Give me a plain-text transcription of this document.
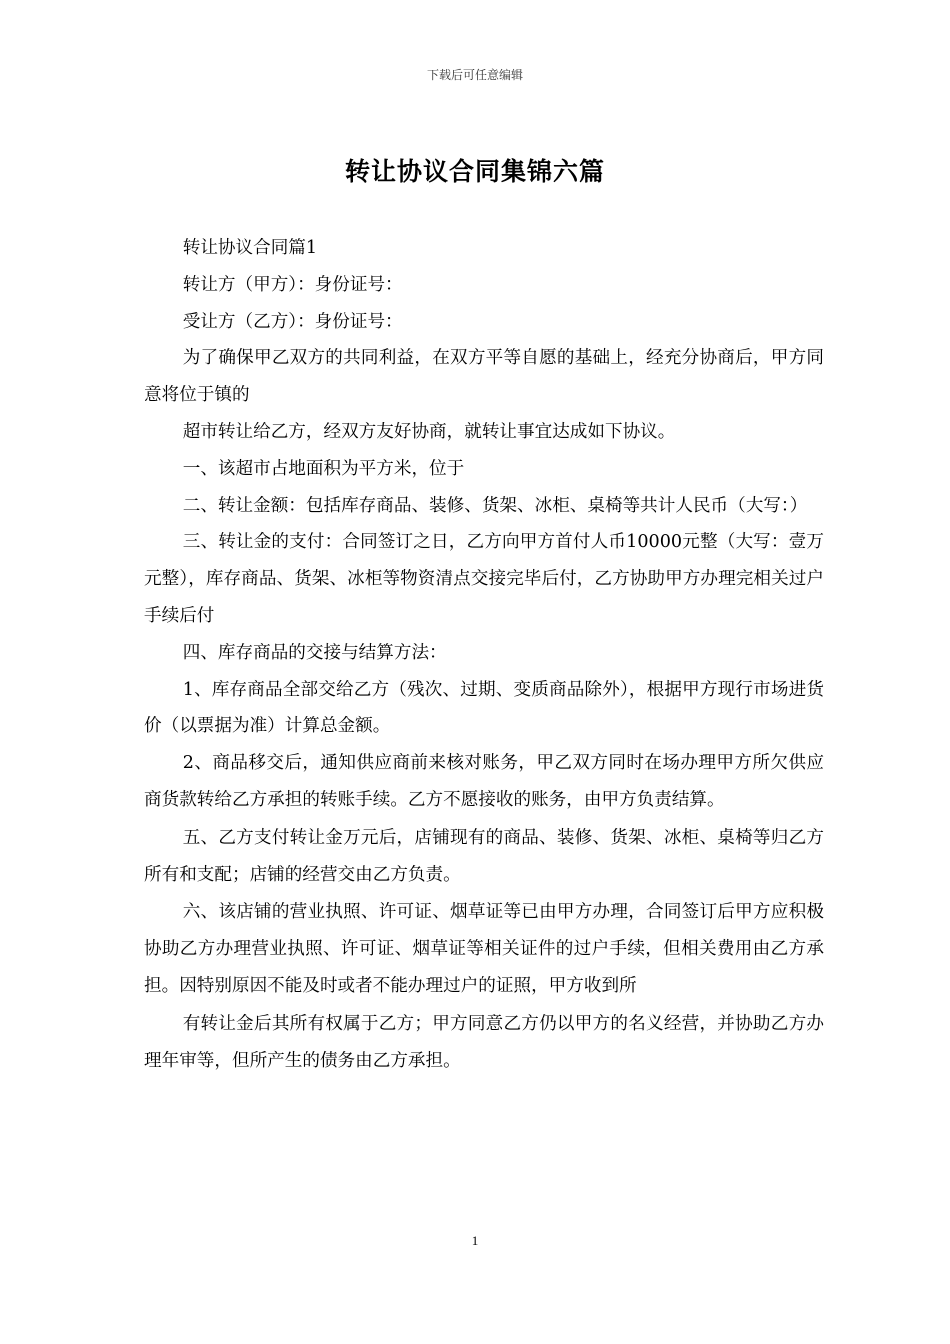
下载后可任意编辑
转让协议合同集锦六篇

转让协议合同篇1

转让方（甲方）：身份证号：

受让方（乙方）：身份证号：

为了确保甲乙双方的共同利益，在双方平等自愿的基础上，经充分协商后，甲方同意将位于镇的

超市转让给乙方，经双方友好协商，就转让事宜达成如下协议。

一、该超市占地面积为平方米，位于

二、转让金额：包括库存商品、装修、货架、冰柜、桌椅等共计人民币（大写：）

三、转让金的支付：合同签订之日，乙方向甲方首付人币10000元整（大写：壹万元整），库存商品、货架、冰柜等物资清点交接完毕后付，乙方协助甲方办理完相关过户手续后付

四、库存商品的交接与结算方法：

1、库存商品全部交给乙方（残次、过期、变质商品除外），根据甲方现行市场进货价（以票据为准）计算总金额。

2、商品移交后，通知供应商前来核对账务，甲乙双方同时在场办理甲方所欠供应商货款转给乙方承担的转账手续。乙方不愿接收的账务，由甲方负责结算。

五、乙方支付转让金万元后，店铺现有的商品、装修、货架、冰柜、桌椅等归乙方所有和支配；店铺的经营交由乙方负责。

六、该店铺的营业执照、许可证、烟草证等已由甲方办理，合同签订后甲方应积极协助乙方办理营业执照、许可证、烟草证等相关证件的过户手续，但相关费用由乙方承担。因特别原因不能及时或者不能办理过户的证照，甲方收到所

有转让金后其所有权属于乙方；甲方同意乙方仍以甲方的名义经营，并协助乙方办理年审等，但所产生的债务由乙方承担。

1
